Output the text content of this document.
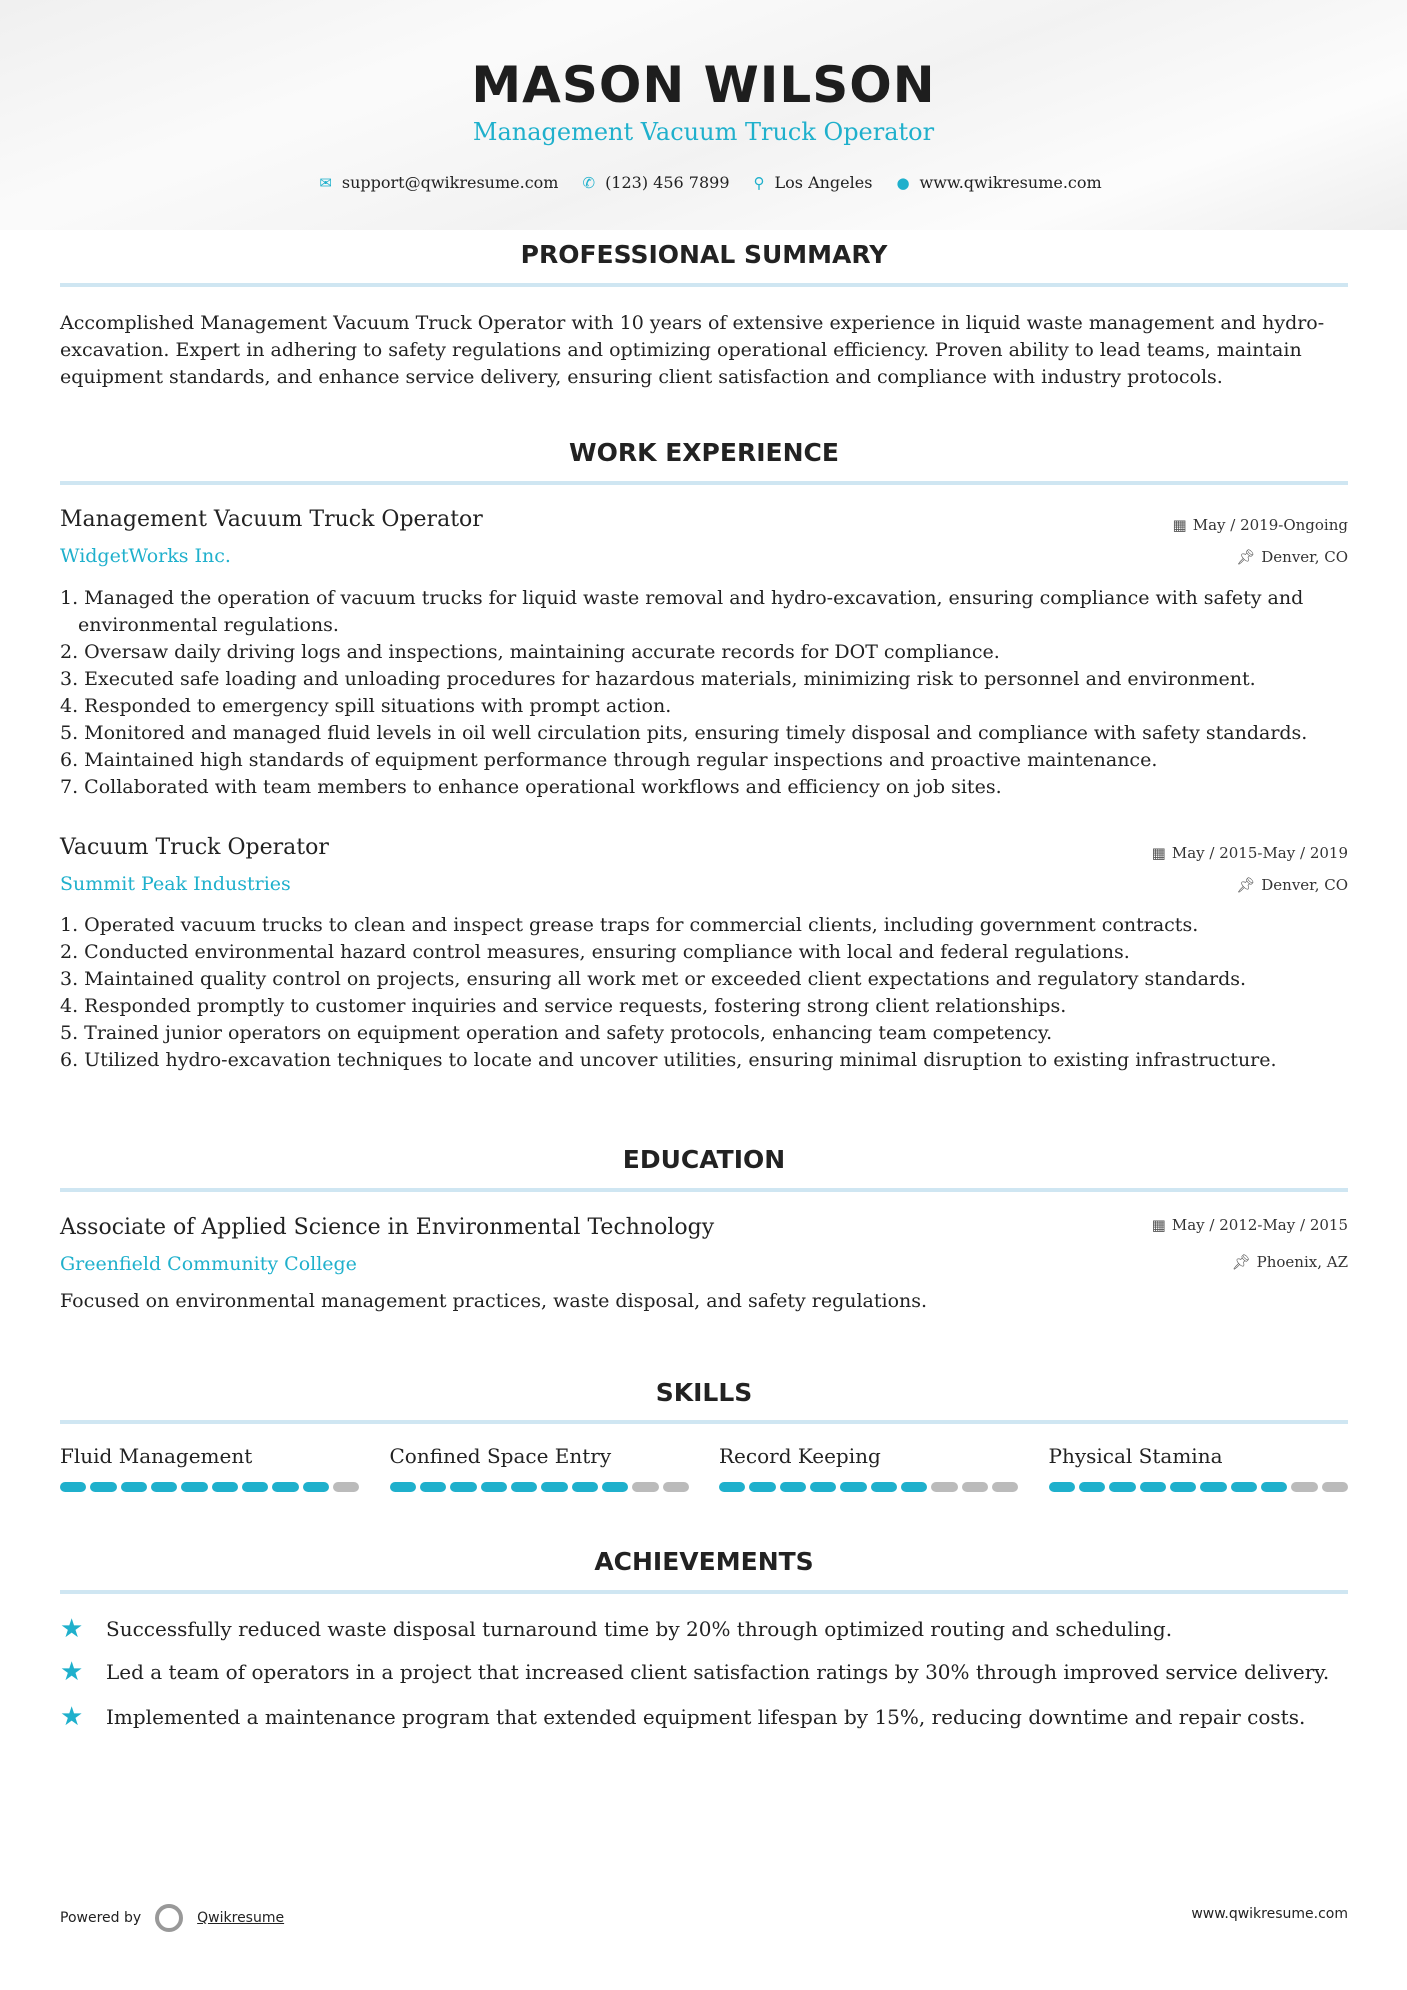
MASON WILSON
Management Vacuum Truck Operator
✉ support@qwikresume.com ✆ (123) 456 7899 ⚲ Los Angeles ● www.qwikresume.com
PROFESSIONAL SUMMARY
Accomplished Management Vacuum Truck Operator with 10 years of extensive experience in liquid waste management and hydro-excavation. Expert in adhering to safety regulations and optimizing operational efficiency. Proven ability to lead teams, maintain equipment standards, and enhance service delivery, ensuring client satisfaction and compliance with industry protocols.
WORK EXPERIENCE
Management Vacuum Truck Operator
WidgetWorks Inc.
▦ May / 2019-Ongoing
📌︎ Denver, CO
1. Managed the operation of vacuum trucks for liquid waste removal and hydro-excavation, ensuring compliance with safety and environmental regulations.
2. Oversaw daily driving logs and inspections, maintaining accurate records for DOT compliance.
3. Executed safe loading and unloading procedures for hazardous materials, minimizing risk to personnel and environment.
4. Responded to emergency spill situations with prompt action.
5. Monitored and managed fluid levels in oil well circulation pits, ensuring timely disposal and compliance with safety standards.
6. Maintained high standards of equipment performance through regular inspections and proactive maintenance.
7. Collaborated with team members to enhance operational workflows and efficiency on job sites.
Vacuum Truck Operator
Summit Peak Industries
▦ May / 2015-May / 2019
📌︎ Denver, CO
1. Operated vacuum trucks to clean and inspect grease traps for commercial clients, including government contracts.
2. Conducted environmental hazard control measures, ensuring compliance with local and federal regulations.
3. Maintained quality control on projects, ensuring all work met or exceeded client expectations and regulatory standards.
4. Responded promptly to customer inquiries and service requests, fostering strong client relationships.
5. Trained junior operators on equipment operation and safety protocols, enhancing team competency.
6. Utilized hydro-excavation techniques to locate and uncover utilities, ensuring minimal disruption to existing infrastructure.
EDUCATION
Associate of Applied Science in Environmental Technology
Greenfield Community College
▦ May / 2012-May / 2015
📌︎ Phoenix, AZ
Focused on environmental management practices, waste disposal, and safety regulations.
SKILLS
Fluid Management	Confined Space Entry	Record Keeping	Physical Stamina
ACHIEVEMENTS
★	Successfully reduced waste disposal turnaround time by 20% through optimized routing and scheduling.
★	Led a team of operators in a project that increased client satisfaction ratings by 30% through improved service delivery.
★	Implemented a maintenance program that extended equipment lifespan by 15%, reducing downtime and repair costs.
Powered by	Qwikresume	www.qwikresume.com
